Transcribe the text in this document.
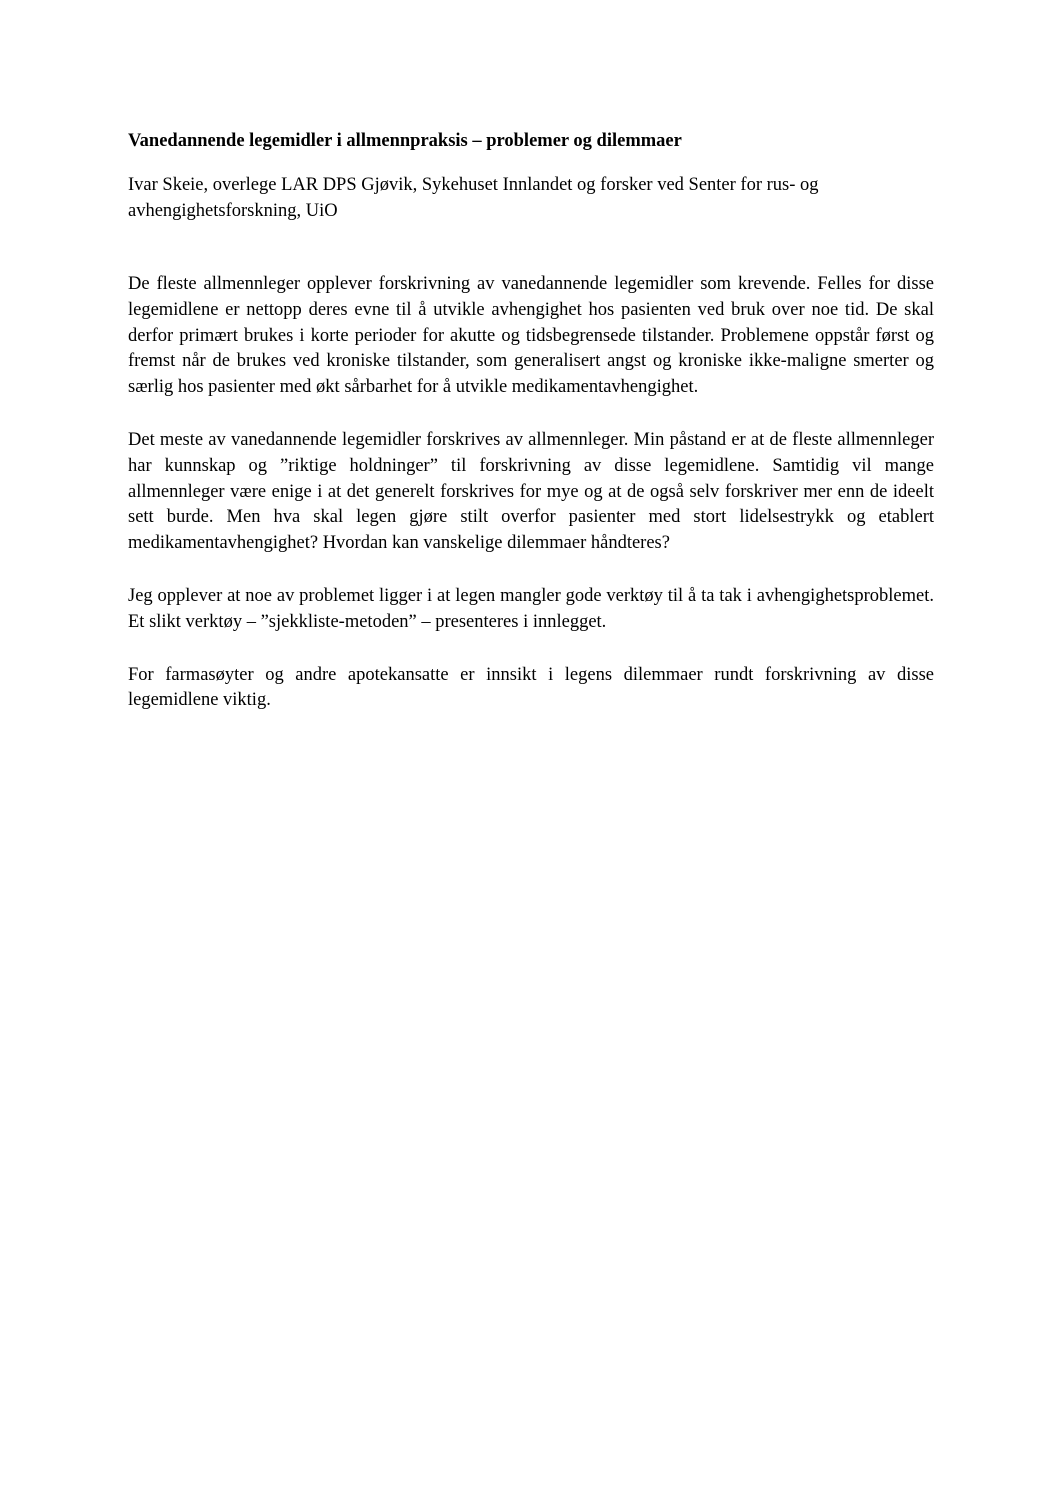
Vanedannende legemidler i allmennpraksis – problemer og dilemmaer

Ivar Skeie, overlege LAR DPS Gjøvik, Sykehuset Innlandet og forsker ved Senter for rus- og avhengighetsforskning, UiO

De fleste allmennleger opplever forskrivning av vanedannende legemidler som krevende. Felles for disse legemidlene er nettopp deres evne til å utvikle avhengighet hos pasienten ved bruk over noe tid. De skal derfor primært brukes i korte perioder for akutte og tidsbegrensede tilstander. Problemene oppstår først og fremst når de brukes ved kroniske tilstander, som generalisert angst og kroniske ikke-maligne smerter og særlig hos pasienter med økt sårbarhet for å utvikle medikamentavhengighet.

Det meste av vanedannende legemidler forskrives av allmennleger. Min påstand er at de fleste allmennleger har kunnskap og ”riktige holdninger” til forskrivning av disse legemidlene. Samtidig vil mange allmennleger være enige i at det generelt forskrives for mye og at de også selv forskriver mer enn de ideelt sett burde. Men hva skal legen gjøre stilt overfor pasienter med stort lidelsestrykk og etablert medikamentavhengighet? Hvordan kan vanskelige dilemmaer håndteres?

Jeg opplever at noe av problemet ligger i at legen mangler gode verktøy til å ta tak i avhengighetsproblemet. Et slikt verktøy – ”sjekkliste-metoden” – presenteres i innlegget.

For farmasøyter og andre apotekansatte er innsikt i legens dilemmaer rundt forskrivning av disse legemidlene viktig.
